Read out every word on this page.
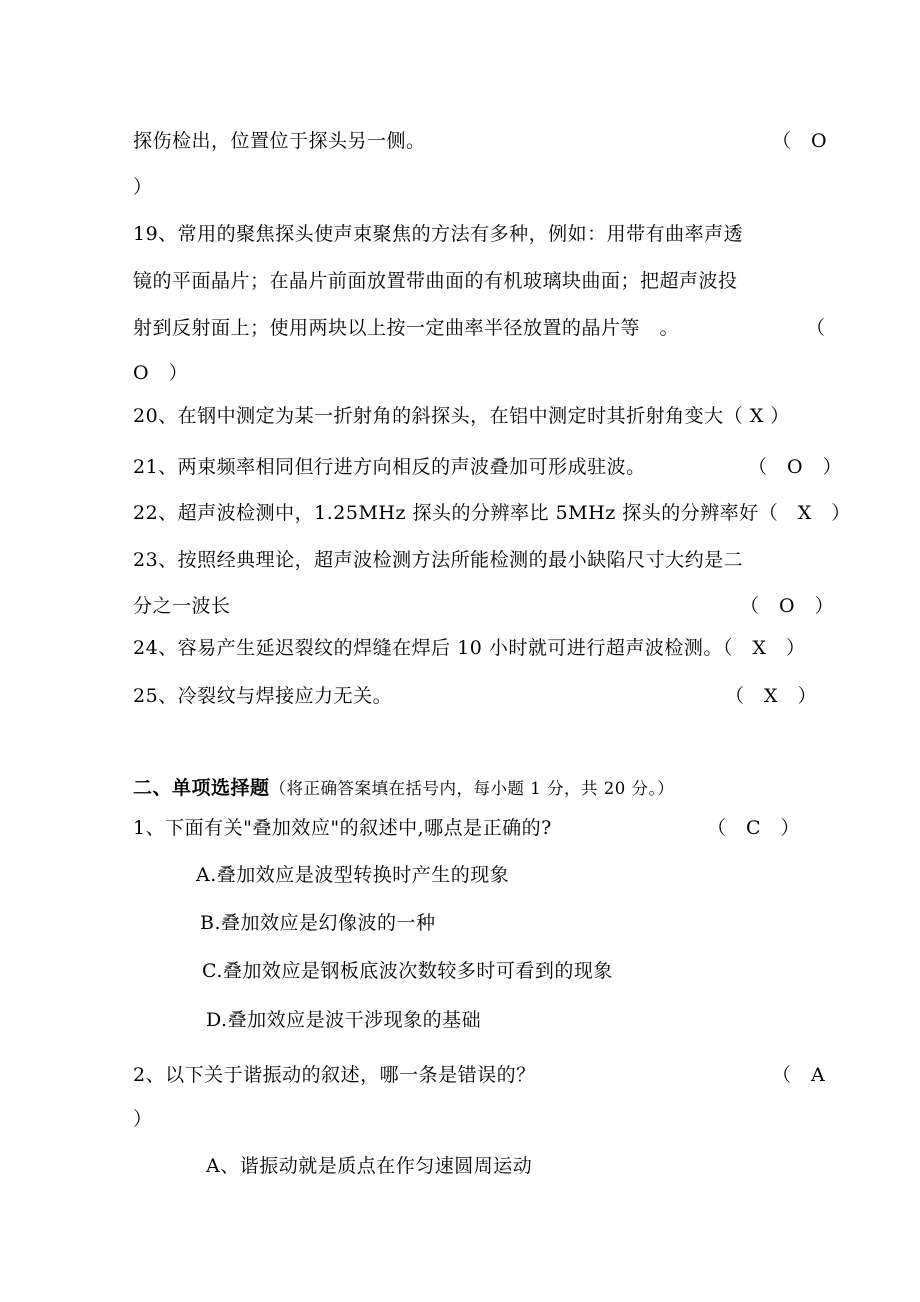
探伤检出，位置位于探头另一侧。	（　O
）
19、常用的聚焦探头使声束聚焦的方法有多种，例如：用带有曲率声透
镜的平面晶片；在晶片前面放置带曲面的有机玻璃块曲面；把超声波投
射到反射面上；使用两块以上按一定曲率半径放置的晶片等　。	（
O　）
20、在钢中测定为某一折射角的斜探头，在铝中测定时其折射角变大（ X ）
21、两束频率相同但行进方向相反的声波叠加可形成驻波。	（　O　）
22、超声波检测中，1.25MHz 探头的分辨率比 5MHz 探头的分辨率好（　X　）
23、按照经典理论，超声波检测方法所能检测的最小缺陷尺寸大约是二
分之一波长	（　O　）
24、容易产生延迟裂纹的焊缝在焊后 10 小时就可进行超声波检测。（　X　）
25、冷裂纹与焊接应力无关。	（　X　）
二、单项选择题（将正确答案填在括号内，每小题 1 分，共 20 分。）
1、下面有关"叠加效应"的叙述中,哪点是正确的?	（　C　）
A.叠加效应是波型转换时产生的现象
B.叠加效应是幻像波的一种
C.叠加效应是钢板底波次数较多时可看到的现象
D.叠加效应是波干涉现象的基础
2、以下关于谐振动的叙述，哪一条是错误的？	（　A
）
A、谐振动就是质点在作匀速圆周运动
